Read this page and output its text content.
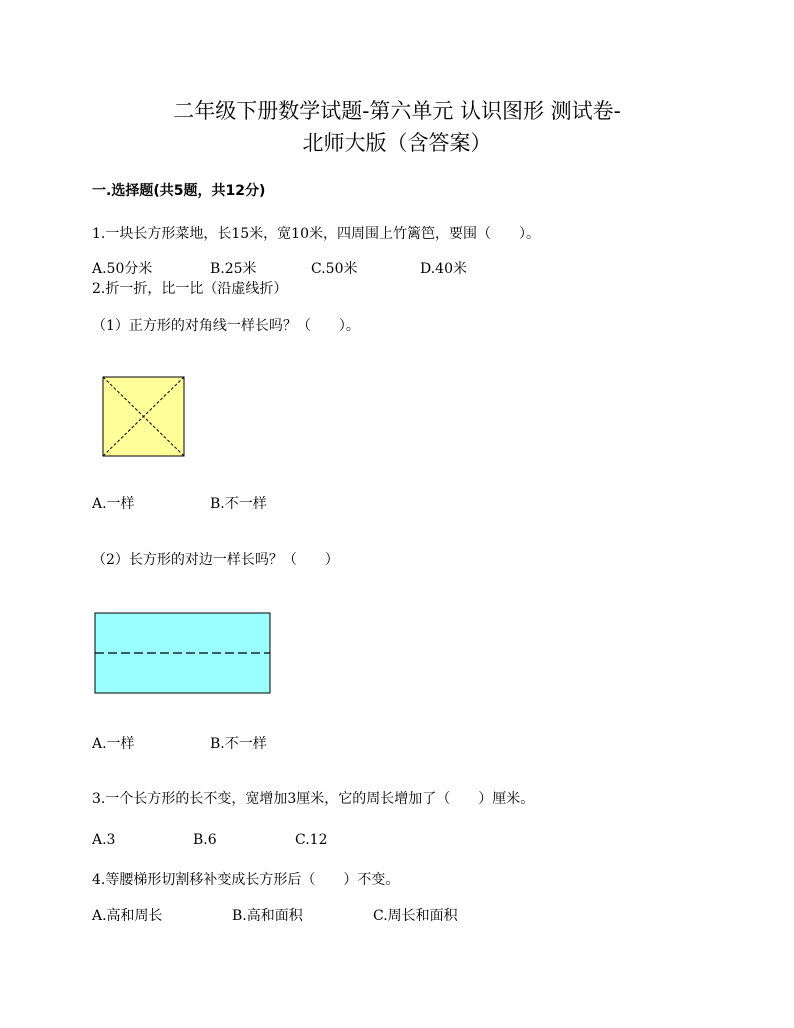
二年级下册数学试题-第六单元 认识图形 测试卷-
北师大版（含答案）
一.选择题(共5题，共12分)
1.一块长方形菜地，长15米，宽10米，四周围上竹篱笆，要围（　　）。
A.50分米	B.25米	C.50米	D.40米
2.折一折，比一比（沿虚线折）
（1）正方形的对角线一样长吗？（　　）。
A.一样	B.不一样
（2）长方形的对边一样长吗？（　　）
A.一样	B.不一样
3.一个长方形的长不变，宽增加3厘米，它的周长增加了（　　）厘米。
A.3	B.6	C.12
4.等腰梯形切割移补变成长方形后（　　）不变。
A.高和周长	B.高和面积	C.周长和面积
